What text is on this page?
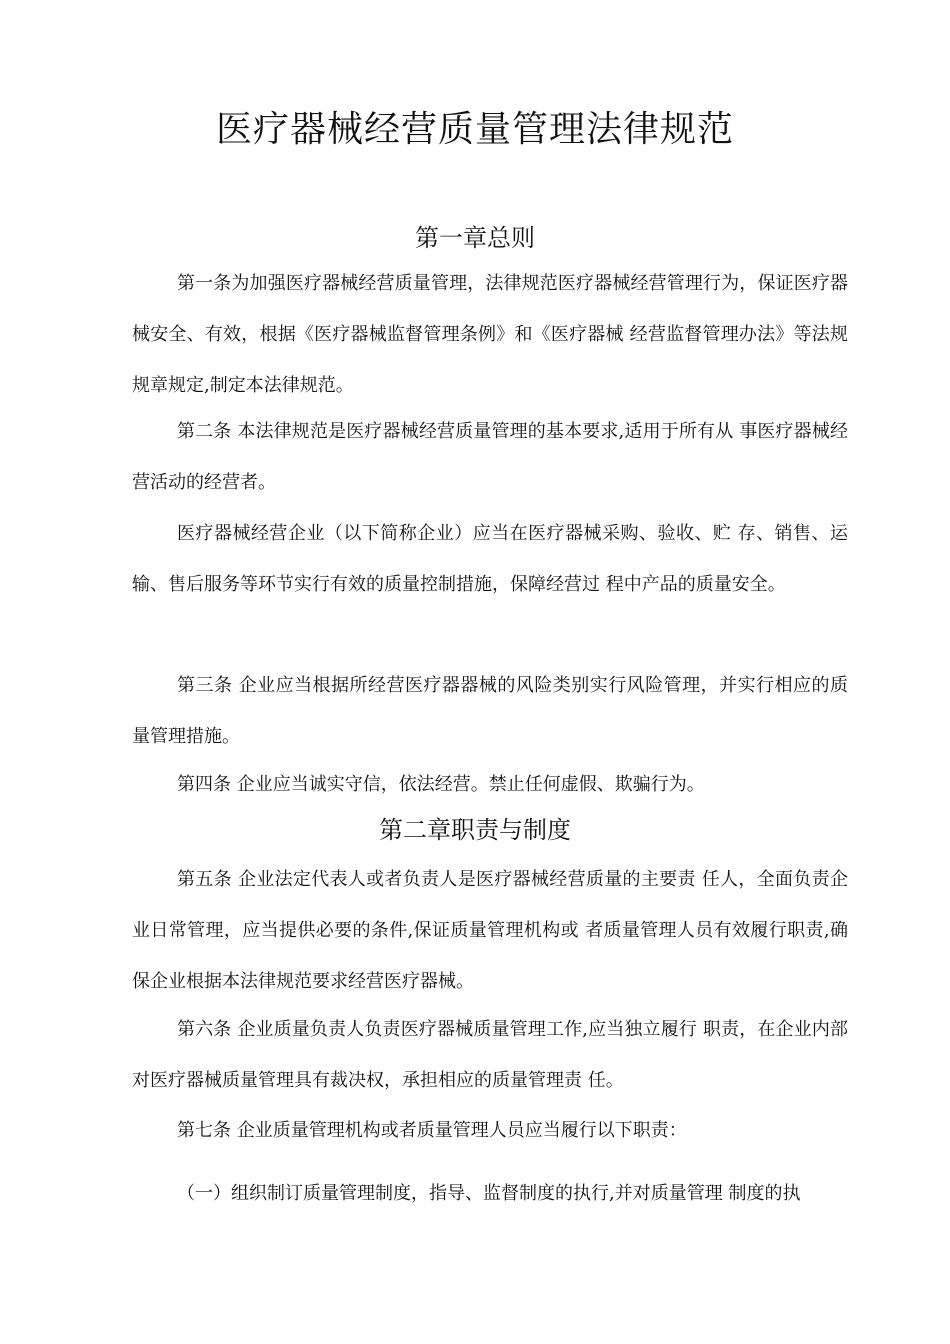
医疗器械经营质量管理法律规范
第一章总则
第一条为加强医疗器械经营质量管理，法律规范医疗器械经营管理行为，保证医疗器械安全、有效，根据《医疗器械监督管理条例》和《医疗器械 经营监督管理办法》等法规规章规定,制定本法律规范。
第二条 本法律规范是医疗器械经营质量管理的基本要求,适用于所有从 事医疗器械经营活动的经营者。
医疗器械经营企业（以下简称企业）应当在医疗器械采购、验收、贮 存、销售、运输、售后服务等环节实行有效的质量控制措施，保障经营过 程中产品的质量安全。
第三条 企业应当根据所经营医疗器器械的风险类别实行风险管理，并实行相应的质量管理措施。
第四条 企业应当诚实守信，依法经营。禁止任何虚假、欺骗行为。
第二章职责与制度
第五条 企业法定代表人或者负责人是医疗器械经营质量的主要责 任人，全面负责企业日常管理，应当提供必要的条件,保证质量管理机构或 者质量管理人员有效履行职责,确保企业根据本法律规范要求经营医疗器械。
第六条 企业质量负责人负责医疗器械质量管理工作,应当独立履行 职责，在企业内部对医疗器械质量管理具有裁决权，承担相应的质量管理责 任。
第七条 企业质量管理机构或者质量管理人员应当履行以下职责：
（一）组织制订质量管理制度，指导、监督制度的执行,并对质量管理 制度的执
